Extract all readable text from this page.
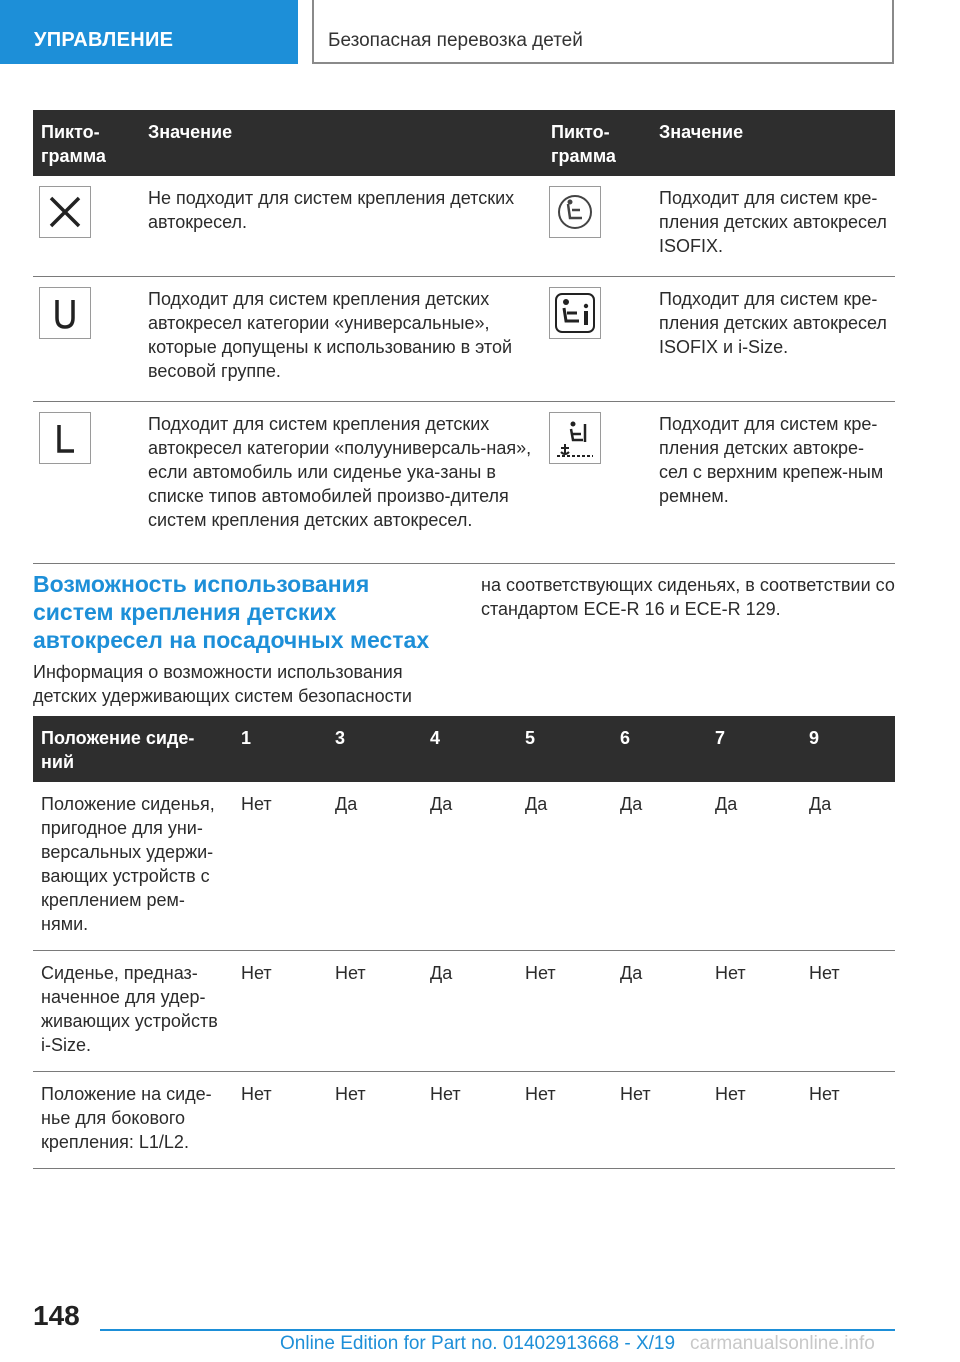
УПРАВЛЕНИЕ	Безопасная перевозка детей
Пикто-грамма	Значение	Пикто-грамма	Значение

	Не подходит для систем крепления детских автокресел.		Подходит для систем кре-пления детских автокресел ISOFIX.

	Подходит для систем крепления детских автокресел категории «универсальные», которые допущены к использованию в этой весовой группе.		Подходит для систем кре-пления детских автокресел ISOFIX и i-Size.

	Подходит для систем крепления детских автокресел категории «полууниверсаль-ная», если автомобиль или сиденье ука-заны в списке типов автомобилей произво-дителя систем крепления детских автокресел.		Подходит для систем кре-пления детских автокре-сел с верхним крепеж-ным ремнем.
Возможность использования систем крепления детских автокресел на посадочных местах
Информация о возможности использования детских удерживающих систем безопасности
на соответствующих сиденьях, в соответствии со стандартом ECE-R 16 и ECE-R 129.
Положение сиде-ний	1	3	4	5	6	7	9
Положение сиденья, пригодное для уни-версальных удержи-вающих устройств с креплением рем-нями.	Нет	Да	Да	Да	Да	Да	Да
Сиденье, предназ-наченное для удер-живающих устройств i-Size.	Нет	Нет	Да	Нет	Да	Нет	Нет
Положение на сиде-нье для бокового крепления: L1/L2.	Нет	Нет	Нет	Нет	Нет	Нет	Нет
148
Online Edition for Part no. 01402913668 - X/19 carmanualsonline.info
